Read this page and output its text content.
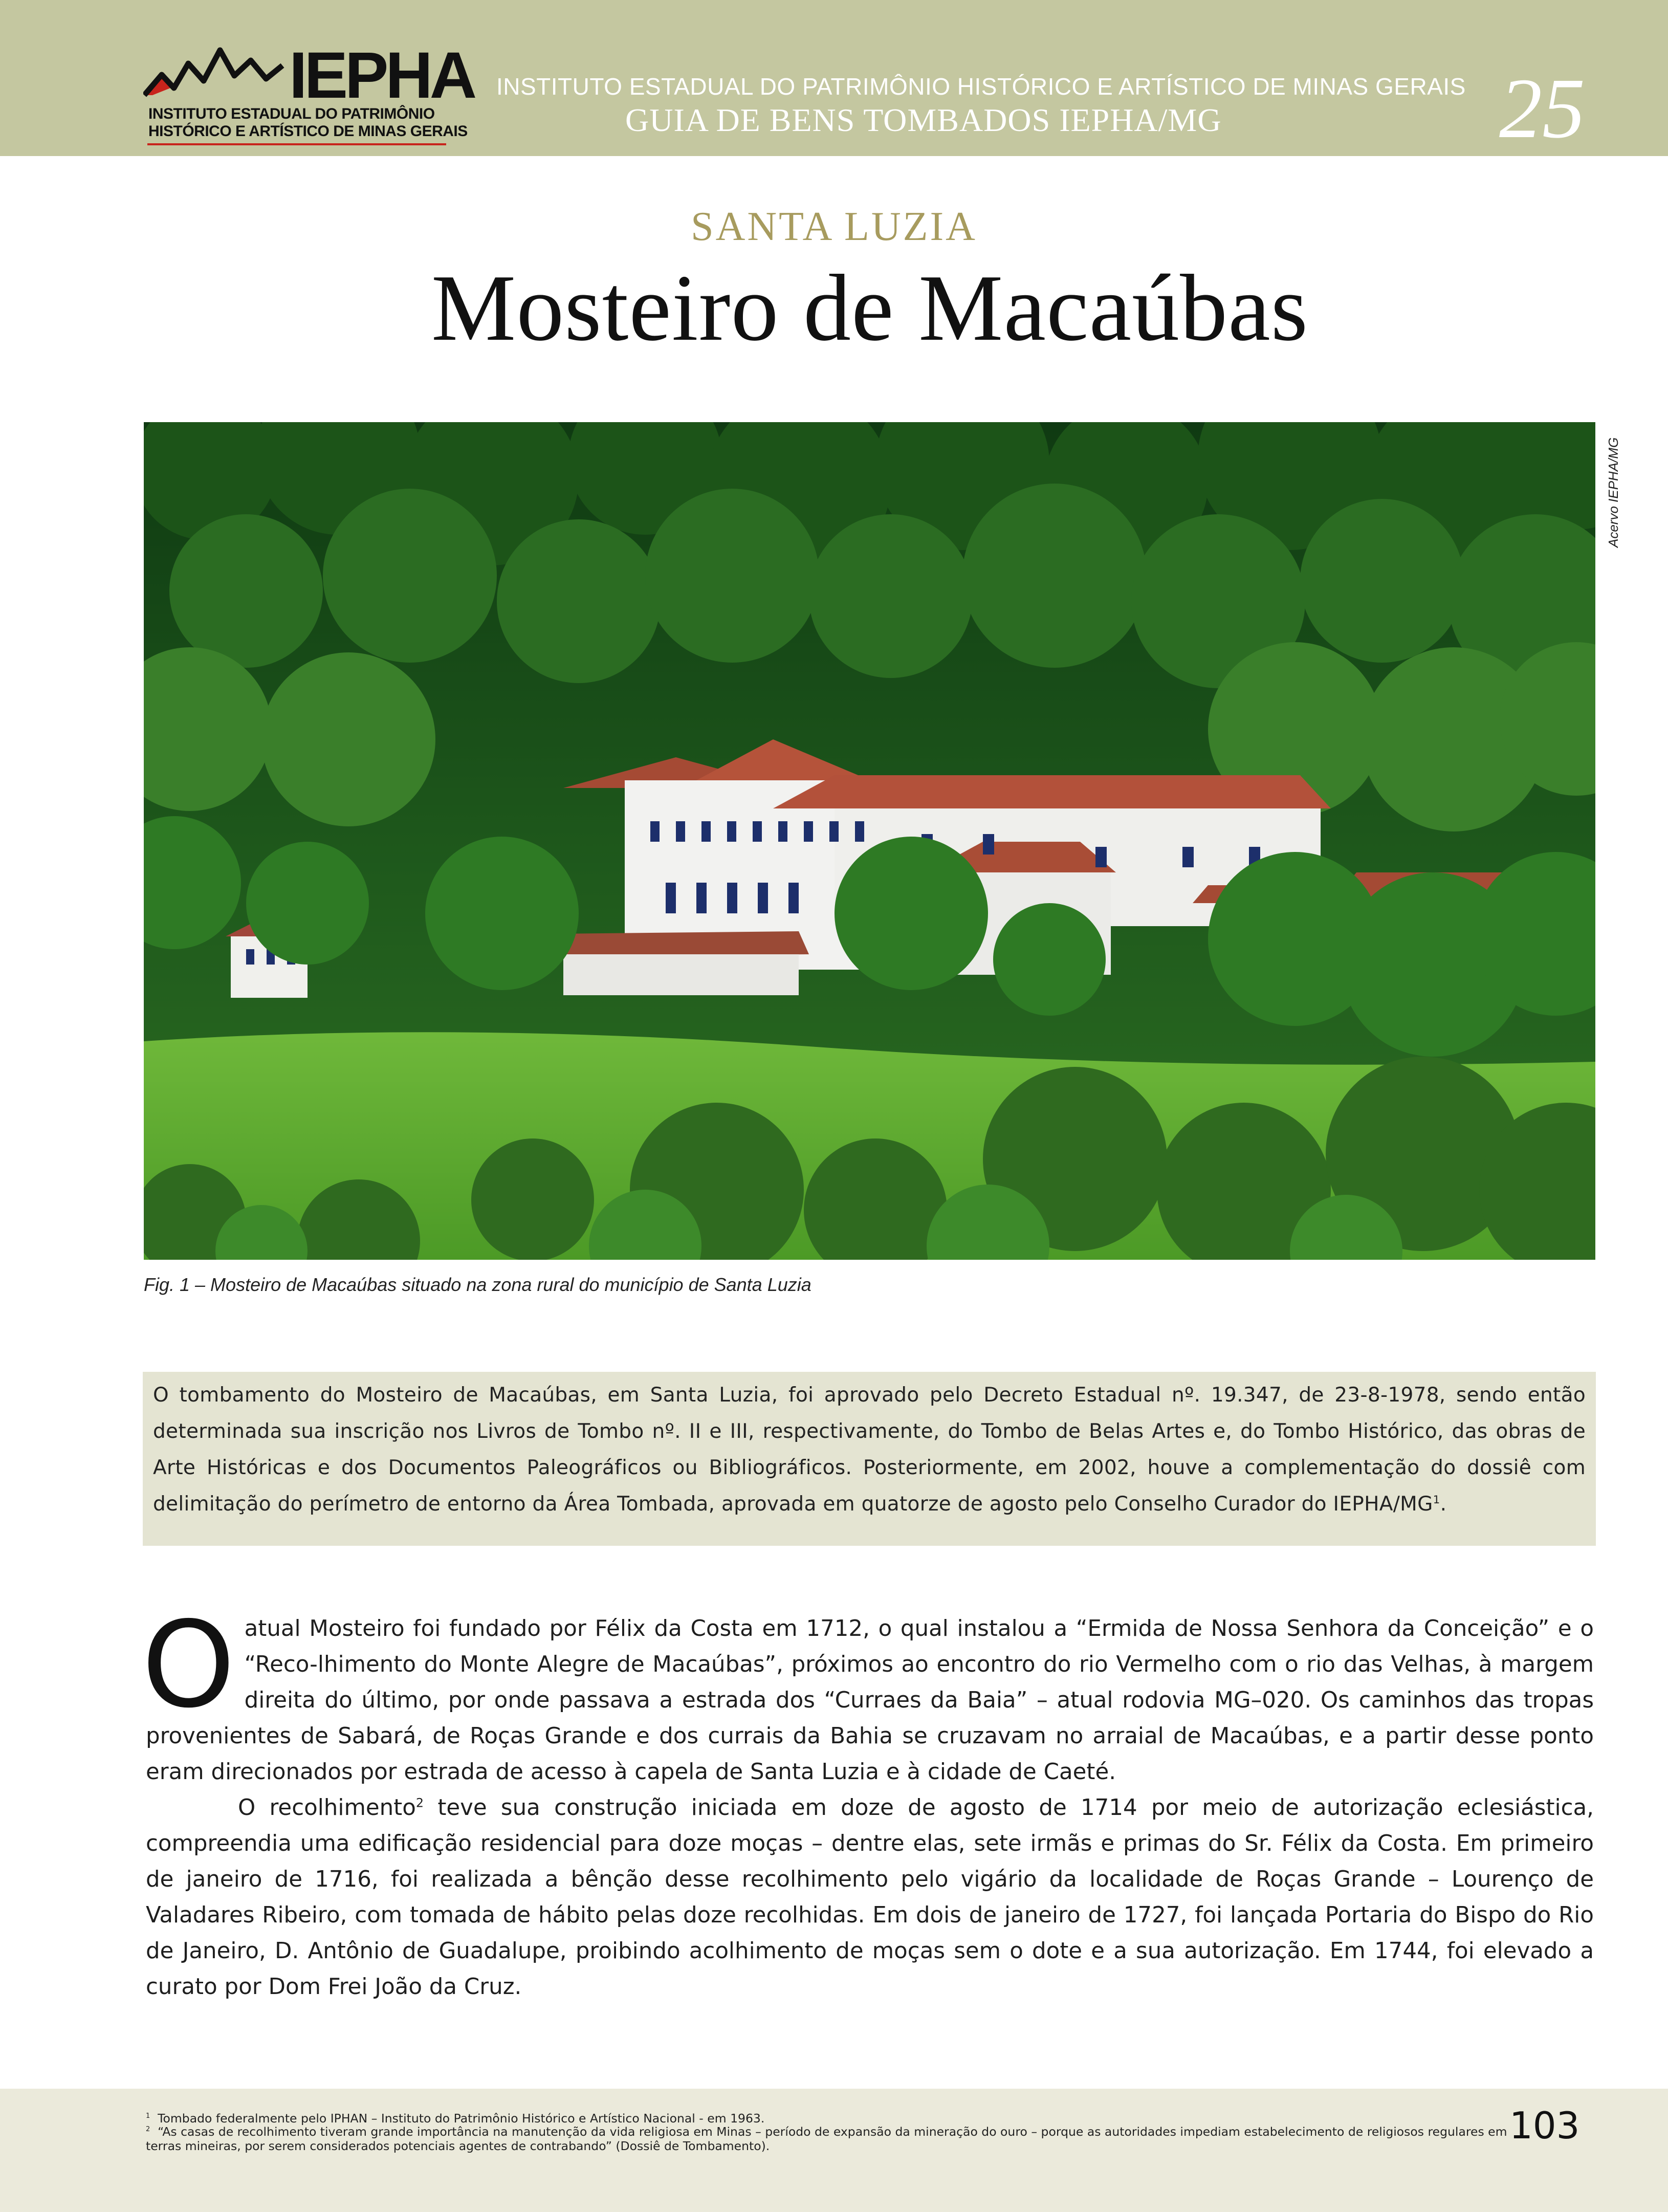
IEPHA
INSTITUTO ESTADUAL DO PATRIMÔNIO
HISTÓRICO E ARTÍSTICO DE MINAS GERAIS
INSTITUTO ESTADUAL DO PATRIMÔNIO HISTÓRICO E ARTÍSTICO DE MINAS GERAIS
GUIA DE BENS TOMBADOS IEPHA/MG	25
SANTA LUZIA
Mosteiro de Macaúbas
Acervo IEPHA/MG
Fig. 1 – Mosteiro de Macaúbas situado na zona rural do município de Santa Luzia

O tombamento do Mosteiro de Macaúbas, em Santa Luzia, foi aprovado pelo Decreto Estadual nº. 19.347, de 23-8-1978, sendo então determinada sua inscrição nos Livros de Tombo nº. II e III, respectivamente, do Tombo de Belas Artes e, do Tombo Histórico, das obras de Arte Históricas e dos Documentos Paleográficos ou Bibliográficos. Posteriormente, em 2002, houve a complementação do dossiê com delimitação do perímetro de entorno da Área Tombada, aprovada em quatorze de agosto pelo Conselho Curador do IEPHA/$MG^1$.

Oatual Mosteiro foi fundado por Félix da Costa em 1712, o qual instalou a “Ermida de Nossa Senhora da Conceição” e o “Reco-lhimento do Monte Alegre de Macaúbas”, próximos ao encontro do rio Vermelho com o rio das Velhas, à margem direita do último, por onde passava a estrada dos “Curraes da Baia” – atual rodovia MG–020. Os caminhos das tropas provenientes de Sabará, de Roças Grande e dos currais da Bahia se cruzavam no arraial de Macaúbas, e a partir desse ponto eram direcionados por estrada de acesso à capela de Santa Luzia e à cidade de Caeté.

O recolhimento$^2$ teve sua construção iniciada em doze de agosto de 1714 por meio de autorização eclesiástica, compreendia uma edificação residencial para doze moças – dentre elas, sete irmãs e primas do Sr. Félix da Costa. Em primeiro de janeiro de 1716, foi realizada a bênção desse recolhimento pelo vigário da localidade de Roças Grande – Lourenço de Valadares Ribeiro, com tomada de hábito pelas doze recolhidas. Em dois de janeiro de 1727, foi lançada Portaria do Bispo do Rio de Janeiro, D. Antônio de Guadalupe, proibindo acolhimento de moças sem o dote e a sua autorização. Em 1744, foi elevado a curato por Dom Frei João da Cruz.

$^1$ Tombado federalmente pelo IPHAN – Instituto do Patrimônio Histórico e Artístico Nacional - em 1963.
$^2$ “As casas de recolhimento tiveram grande importância na manutenção da vida religiosa em Minas – período de expansão da mineração do ouro – porque as autoridades impediam estabelecimento de religiosos regulares em terras mineiras, por serem considerados potenciais agentes de contrabando” (Dossiê de Tombamento).	103
